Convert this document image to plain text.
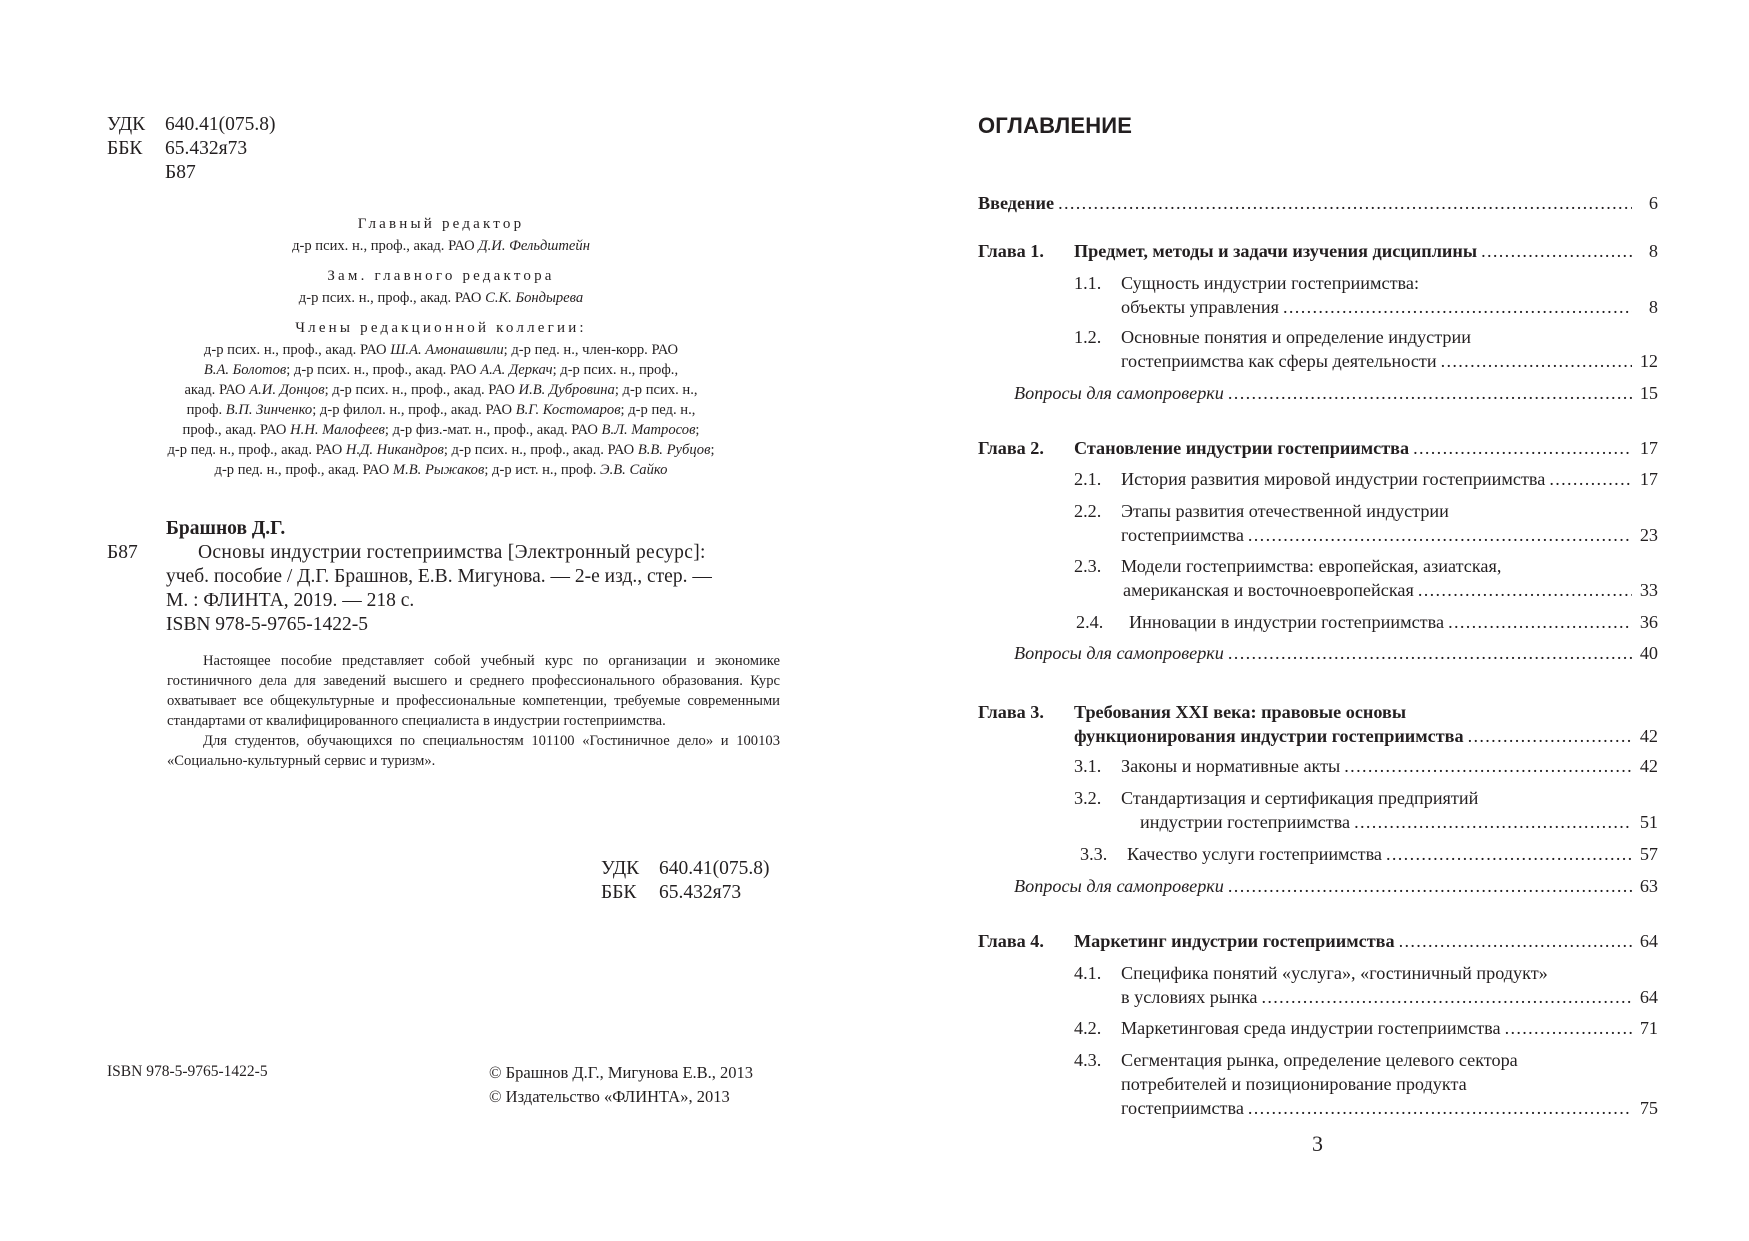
УДК	640.41(075.8)
ББК	65.432я73
Б87
Главный редактор
д-р псих. н., проф., акад. РАО Д.И. Фельдштейн
Зам. главного редактора
д-р псих. н., проф., акад. РАО С.К. Бондырева
Члены редакционной коллегии:
д-р псих. н., проф., акад. РАО Ш.А. Амонашвили; д-р пед. н., член-корр. РАО
В.А. Болотов; д-р псих. н., проф., акад. РАО А.А. Деркач; д-р псих. н., проф.,
акад. РАО А.И. Донцов; д-р псих. н., проф., акад. РАО И.В. Дубровина; д-р псих. н.,
проф. В.П. Зинченко; д-р филол. н., проф., акад. РАО В.Г. Костомаров; д-р пед. н.,
проф., акад. РАО Н.Н. Малофеев; д-р физ.-мат. н., проф., акад. РАО В.Л. Матросов;
д-р пед. н., проф., акад. РАО Н.Д. Никандров; д-р псих. н., проф., акад. РАО В.В. Рубцов;
д-р пед. н., проф., акад. РАО М.В. Рыжаков; д-р ист. н., проф. Э.В. Сайко
Брашнов Д.Г.
Б87	Основы индустрии гостеприимства [Электронный ресурс]:
учеб. пособие / Д.Г. Брашнов, Е.В. Мигунова. — 2-е изд., стер. —
М. : ФЛИНТА, 2019. — 218 с.
ISBN 978-5-9765-1422-5

Настоящее пособие представляет собой учебный курс по организации и экономике гостиничного дела для заведений высшего и среднего профессионального образования. Курс охватывает все общекультурные и профессиональные компетенции, требуемые современными стандартами от квалифицированного специалиста в индустрии гостеприимства.

Для студентов, обучающихся по специальностям 101100 «Гостиничное дело» и 100103 «Социально-культурный сервис и туризм».

УДК	640.41(075.8)
ББК	65.432я73
ISBN 978-5-9765-1422-5	© Брашнов Д.Г., Мигунова Е.В., 2013
© Издательство «ФЛИНТА», 2013
ОГЛАВЛЕНИЕ
Введение . . .	6
Глава 1.	Предмет, методы и задачи изучения дисциплины . . .	8
1.1.	Сущность индустрии гостеприимства:
объекты управления . . .	8
1.2.	Основные понятия и определение индустрии
гостеприимства как сферы деятельности . . .	12
Вопросы для самопроверки . . .	15
Глава 2.	Становление индустрии гостеприимства . . .	17
2.1.	История развития мировой индустрии гостеприимства . . .	17
2.2.	Этапы развития отечественной индустрии
гостеприимства . . .	23
2.3.	Модели гостеприимства: европейская, азиатская,
американская и восточноевропейская . . .	33
2.4.	Инновации в индустрии гостеприимства . . .	36
Вопросы для самопроверки . . .	40
Глава 3.	Требования XXI века: правовые основы
функционирования индустрии гостеприимства . . .	42
3.1.	Законы и нормативные акты . . .	42
3.2.	Стандартизация и сертификация предприятий
индустрии гостеприимства . . .	51
3.3.	Качество услуги гостеприимства . . .	57
Вопросы для самопроверки . . .	63
Глава 4.	Маркетинг индустрии гостеприимства . . .	64
4.1.	Специфика понятий «услуга», «гостиничный продукт»
в условиях рынка . . .	64
4.2.	Маркетинговая среда индустрии гостеприимства . . .	71
4.3.	Сегментация рынка, определение целевого сектора
потребителей и позиционирование продукта
гостеприимства . . .	75
3
